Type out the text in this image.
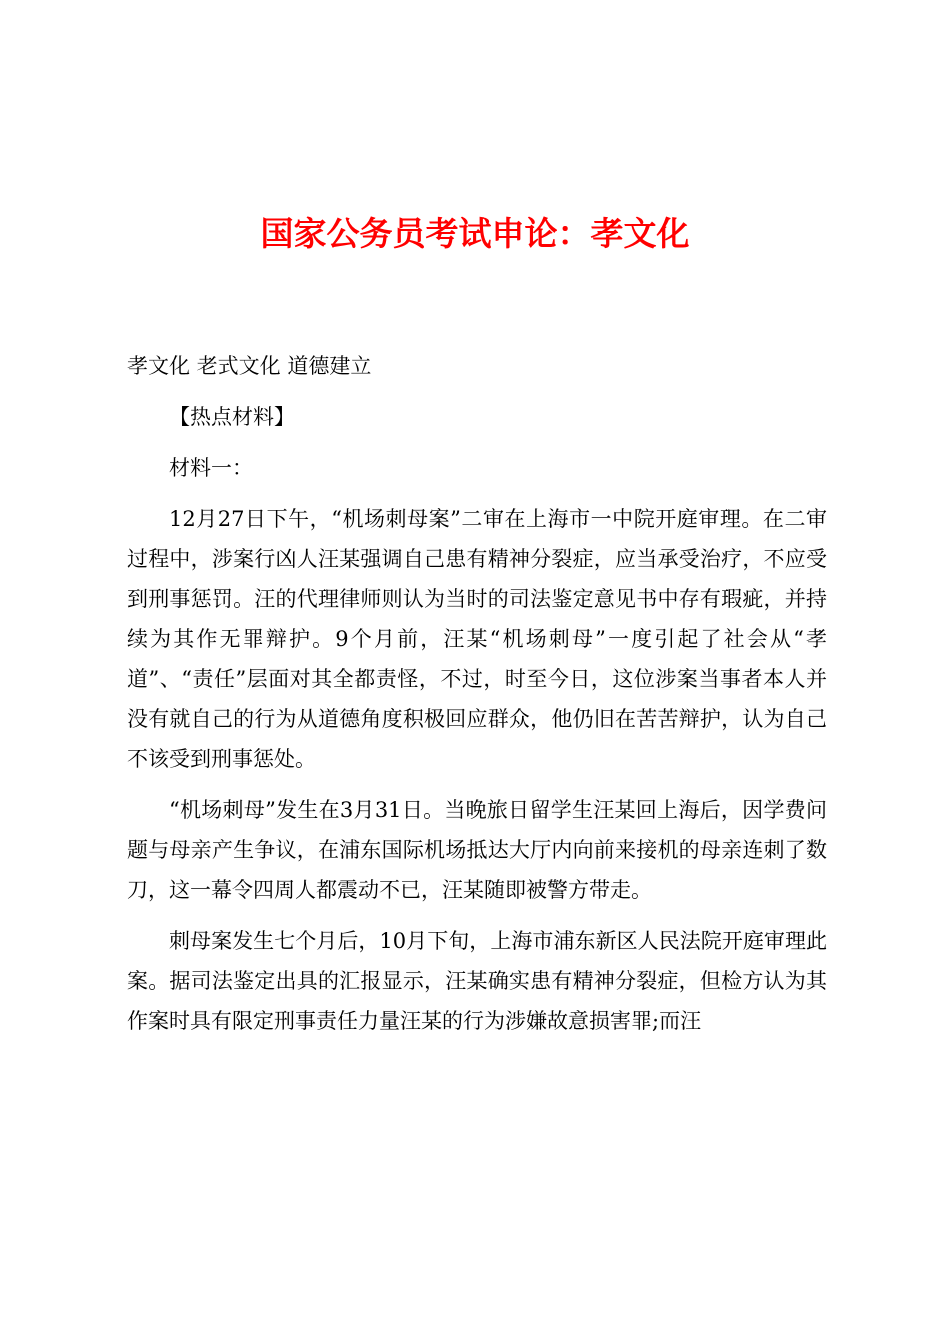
国家公务员考试申论：孝文化

孝文化 老式文化 道德建立

【热点材料】

材料一：

12月27日下午，“机场刺母案”二审在上海市一中院开庭审理。在二审过程中，涉案行凶人汪某强调自己患有精神分裂症，应当承受治疗，不应受到刑事惩罚。汪的代理律师则认为当时的司法鉴定意见书中存有瑕疵，并持续为其作无罪辩护。9个月前，汪某“机场刺母”一度引起了社会从“孝道”、“责任”层面对其全都责怪，不过，时至今日，这位涉案当事者本人并没有就自己的行为从道德角度积极回应群众，他仍旧在苦苦辩护，认为自己不该受到刑事惩处。

“机场刺母”发生在3月31日。当晚旅日留学生汪某回上海后，因学费问题与母亲产生争议，在浦东国际机场抵达大厅内向前来接机的母亲连刺了数刀，这一幕令四周人都震动不已，汪某随即被警方带走。

刺母案发生七个月后，10月下旬，上海市浦东新区人民法院开庭审理此案。据司法鉴定出具的汇报显示，汪某确实患有精神分裂症，但检方认为其作案时具有限定刑事责任力量汪某的行为涉嫌故意损害罪;而汪
